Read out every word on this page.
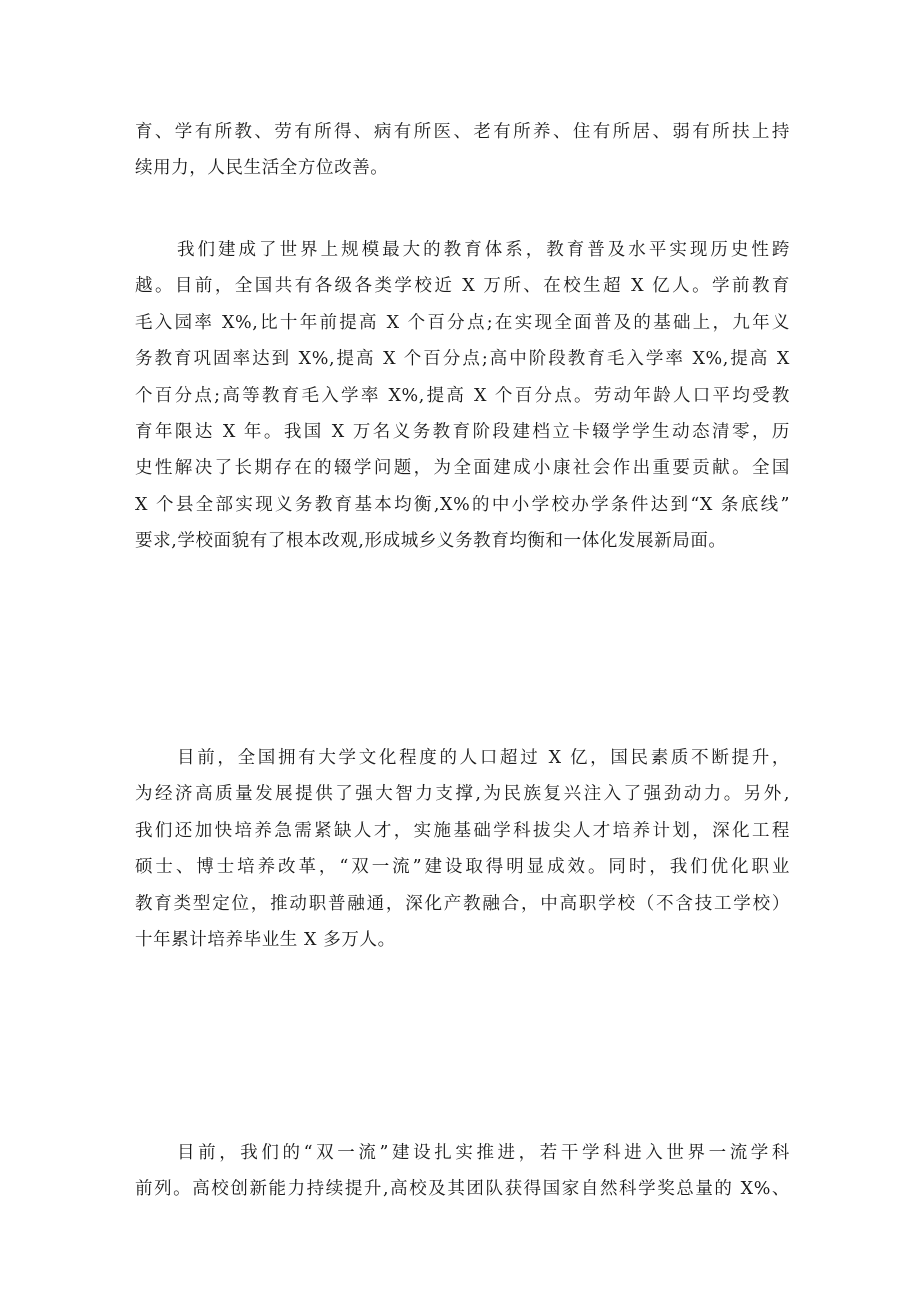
育、学有所教、劳有所得、病有所医、老有所养、住有所居、弱有所扶上持
续用力，人民生活全方位改善。
我们建成了世界上规模最大的教育体系，教育普及水平实现历史性跨
越。目前，全国共有各级各类学校近 X 万所、在校生超 X 亿人。学前教育
毛入园率 X%,比十年前提高 X 个百分点;在实现全面普及的基础上，九年义
务教育巩固率达到 X%,提高 X 个百分点;高中阶段教育毛入学率 X%,提高 X
个百分点;高等教育毛入学率 X%,提高 X 个百分点。劳动年龄人口平均受教
育年限达 X 年。我国 X 万名义务教育阶段建档立卡辍学学生动态清零，历
史性解决了长期存在的辍学问题，为全面建成小康社会作出重要贡献。全国
X 个县全部实现义务教育基本均衡,X%的中小学校办学条件达到“X 条底线”
要求,学校面貌有了根本改观,形成城乡义务教育均衡和一体化发展新局面。
目前，全国拥有大学文化程度的人口超过 X 亿，国民素质不断提升，
为经济高质量发展提供了强大智力支撑,为民族复兴注入了强劲动力。另外,
我们还加快培养急需紧缺人才，实施基础学科拔尖人才培养计划，深化工程
硕士、博士培养改革，“双一流”建设取得明显成效。同时，我们优化职业
教育类型定位，推动职普融通，深化产教融合，中高职学校（不含技工学校）
十年累计培养毕业生 X 多万人。
目前，我们的“双一流”建设扎实推进，若干学科进入世界一流学科
前列。高校创新能力持续提升,高校及其团队获得国家自然科学奖总量的 X%、
